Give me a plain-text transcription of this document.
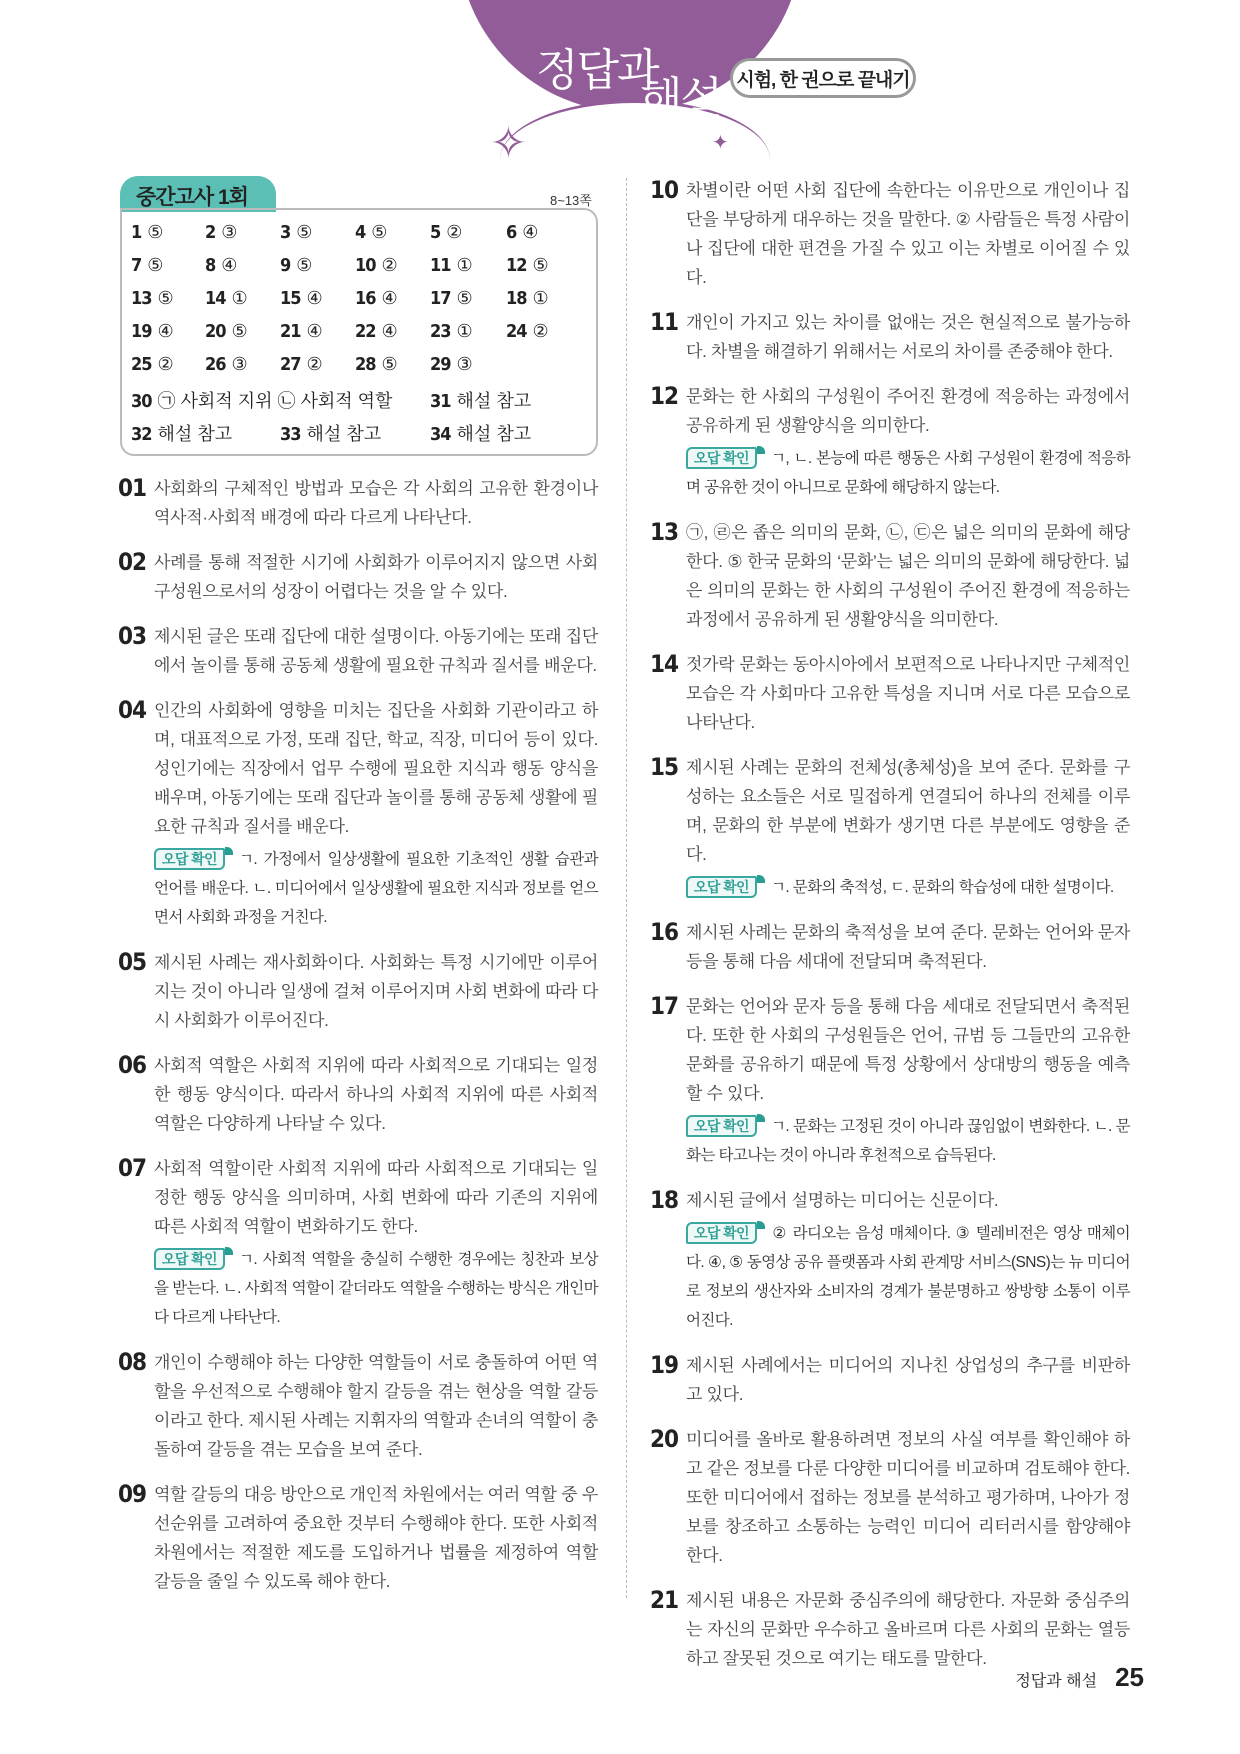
정답과
해설 시험, 한 권으로 끝내기
✧	✦
중간고사 1회	8~13쪽
01 사회화의 구체적인 방법과 모습은 각 사회의 고유한 환경이나 역사적·사회적 배경에 따라 다르게 나타난다.
02 사례를 통해 적절한 시기에 사회화가 이루어지지 않으면 사회 구성원으로서의 성장이 어렵다는 것을 알 수 있다.
03 제시된 글은 또래 집단에 대한 설명이다. 아동기에는 또래 집단에서 놀이를 통해 공동체 생활에 필요한 규칙과 질서를 배운다.
04 인간의 사회화에 영향을 미치는 집단을 사회화 기관이라고 하며, 대표적으로 가정, 또래 집단, 학교, 직장, 미디어 등이 있다. 성인기에는 직장에서 업무 수행에 필요한 지식과 행동 양식을 배우며, 아동기에는 또래 집단과 놀이를 통해 공동체 생활에 필요한 규칙과 질서를 배운다.
오답 확인 ㄱ. 가정에서 일상생활에 필요한 기초적인 생활 습관과 언어를 배운다. ㄴ. 미디어에서 일상생활에 필요한 지식과 정보를 얻으면서 사회화 과정을 거친다.
05 제시된 사례는 재사회화이다. 사회화는 특정 시기에만 이루어지는 것이 아니라 일생에 걸쳐 이루어지며 사회 변화에 따라 다시 사회화가 이루어진다.
06 사회적 역할은 사회적 지위에 따라 사회적으로 기대되는 일정한 행동 양식이다. 따라서 하나의 사회적 지위에 따른 사회적 역할은 다양하게 나타날 수 있다.
07 사회적 역할이란 사회적 지위에 따라 사회적으로 기대되는 일정한 행동 양식을 의미하며, 사회 변화에 따라 기존의 지위에 따른 사회적 역할이 변화하기도 한다.
오답 확인 ㄱ. 사회적 역할을 충실히 수행한 경우에는 칭찬과 보상을 받는다. ㄴ. 사회적 역할이 같더라도 역할을 수행하는 방식은 개인마다 다르게 나타난다.
08 개인이 수행해야 하는 다양한 역할들이 서로 충돌하여 어떤 역할을 우선적으로 수행해야 할지 갈등을 겪는 현상을 역할 갈등이라고 한다. 제시된 사례는 지휘자의 역할과 손녀의 역할이 충돌하여 갈등을 겪는 모습을 보여 준다.
09 역할 갈등의 대응 방안으로 개인적 차원에서는 여러 역할 중 우선순위를 고려하여 중요한 것부터 수행해야 한다. 또한 사회적 차원에서는 적절한 제도를 도입하거나 법률을 제정하여 역할 갈등을 줄일 수 있도록 해야 한다.
10 차별이란 어떤 사회 집단에 속한다는 이유만으로 개인이나 집단을 부당하게 대우하는 것을 말한다. ② 사람들은 특정 사람이나 집단에 대한 편견을 가질 수 있고 이는 차별로 이어질 수 있다.
11 개인이 가지고 있는 차이를 없애는 것은 현실적으로 불가능하다. 차별을 해결하기 위해서는 서로의 차이를 존중해야 한다.
12 문화는 한 사회의 구성원이 주어진 환경에 적응하는 과정에서 공유하게 된 생활양식을 의미한다.
오답 확인 ㄱ, ㄴ. 본능에 따른 행동은 사회 구성원이 환경에 적응하며 공유한 것이 아니므로 문화에 해당하지 않는다.
13 ㉠, ㉣은 좁은 의미의 문화, ㉡, ㉢은 넓은 의미의 문화에 해당한다. ⑤ 한국 문화의 ‘문화’는 넓은 의미의 문화에 해당한다. 넓은 의미의 문화는 한 사회의 구성원이 주어진 환경에 적응하는 과정에서 공유하게 된 생활양식을 의미한다.
14 젓가락 문화는 동아시아에서 보편적으로 나타나지만 구체적인 모습은 각 사회마다 고유한 특성을 지니며 서로 다른 모습으로 나타난다.
15 제시된 사례는 문화의 전체성(총체성)을 보여 준다. 문화를 구성하는 요소들은 서로 밀접하게 연결되어 하나의 전체를 이루며, 문화의 한 부분에 변화가 생기면 다른 부분에도 영향을 준다.
오답 확인 ㄱ. 문화의 축적성, ㄷ. 문화의 학습성에 대한 설명이다.
16 제시된 사례는 문화의 축적성을 보여 준다. 문화는 언어와 문자 등을 통해 다음 세대에 전달되며 축적된다.
17 문화는 언어와 문자 등을 통해 다음 세대로 전달되면서 축적된다. 또한 한 사회의 구성원들은 언어, 규범 등 그들만의 고유한 문화를 공유하기 때문에 특정 상황에서 상대방의 행동을 예측할 수 있다.
오답 확인 ㄱ. 문화는 고정된 것이 아니라 끊임없이 변화한다. ㄴ. 문화는 타고나는 것이 아니라 후천적으로 습득된다.
18 제시된 글에서 설명하는 미디어는 신문이다.
오답 확인 ② 라디오는 음성 매체이다. ③ 텔레비전은 영상 매체이다. ④, ⑤ 동영상 공유 플랫폼과 사회 관계망 서비스(SNS)는 뉴 미디어로 정보의 생산자와 소비자의 경계가 불분명하고 쌍방향 소통이 이루어진다.
19 제시된 사례에서는 미디어의 지나친 상업성의 추구를 비판하고 있다.
20 미디어를 올바로 활용하려면 정보의 사실 여부를 확인해야 하고 같은 정보를 다룬 다양한 미디어를 비교하며 검토해야 한다. 또한 미디어에서 접하는 정보를 분석하고 평가하며, 나아가 정보를 창조하고 소통하는 능력인 미디어 리터러시를 함양해야 한다.
21 제시된 내용은 자문화 중심주의에 해당한다. 자문화 중심주의는 자신의 문화만 우수하고 올바르며 다른 사회의 문화는 열등하고 잘못된 것으로 여기는 태도를 말한다.
정답과 해설 25
1 ⑤ 2 ③ 3 ⑤ 4 ⑤ 5 ② 6 ④
7 ⑤ 8 ④ 9 ⑤ 10 ② 11 ① 12 ⑤
13 ⑤ 14 ① 15 ④ 16 ④ 17 ⑤ 18 ①
19 ④ 20 ⑤ 21 ④ 22 ④ 23 ① 24 ②
25 ② 26 ③ 27 ② 28 ⑤ 29 ③
30 ㉠ 사회적 지위 ㉡ 사회적 역할 31 해설 참고
32 해설 참고	33 해설 참고	34 해설 참고
